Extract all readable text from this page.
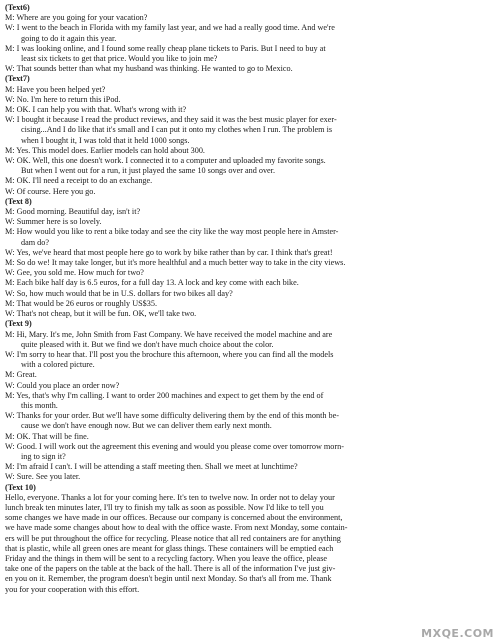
(Text6)
M: Where are you going for your vacation?
W: I went to the beach in Florida with my family last year, and we had a really good time. And we're
going to do it again this year.
M: I was looking online, and I found some really cheap plane tickets to Paris. But I need to buy at
least six tickets to get that price. Would you like to join me?
W: That sounds better than what my husband was thinking. He wanted to go to Mexico.
(Text7)
M: Have you been helped yet?
W: No. I'm here to return this iPod.
M: OK. I can help you with that. What's wrong with it?
W: I bought it because I read the product reviews, and they said it was the best music player for exer-
cising...And I do like that it's small and I can put it onto my clothes when I run. The problem is
when I bought it, I was told that it held 1000 songs.
M: Yes. This model does. Earlier models can hold about 300.
W: OK. Well, this one doesn't work. I connected it to a computer and uploaded my favorite songs.
But when I went out for a run, it just played the same 10 songs over and over.
M: OK. I'll need a receipt to do an exchange.
W: Of course. Here you go.
(Text 8)
M: Good morning. Beautiful day, isn't it?
W: Summer here is so lovely.
M: How would you like to rent a bike today and see the city like the way most people here in Amster-
dam do?
W: Yes, we've heard that most people here go to work by bike rather than by car. I think that's great!
M: So do we! It may take longer, but it's more healthful and a much better way to take in the city views.
W: Gee, you sold me. How much for two?
M: Each bike half day is 6.5 euros, for a full day 13. A lock and key come with each bike.
W: So, how much would that be in U.S. dollars for two bikes all day?
M: That would be 26 euros or roughly US$35.
W: That's not cheap, but it will be fun. OK, we'll take two.
(Text 9)
M: Hi, Mary. It's me, John Smith from Fast Company. We have received the model machine and are
quite pleased with it. But we find we don't have much choice about the color.
W: I'm sorry to hear that. I'll post you the brochure this afternoon, where you can find all the models
with a colored picture.
M: Great.
W: Could you place an order now?
M: Yes, that's why I'm calling. I want to order 200 machines and expect to get them by the end of
this month.
W: Thanks for your order. But we'll have some difficulty delivering them by the end of this month be-
cause we don't have enough now. But we can deliver them early next month.
M: OK. That will be fine.
W: Good. I will work out the agreement this evening and would you please come over tomorrow morn-
ing to sign it?
M: I'm afraid I can't. I will be attending a staff meeting then. Shall we meet at lunchtime?
W: Sure. See you later.
(Text 10)
Hello, everyone. Thanks a lot for your coming here. It's ten to twelve now. In order not to delay your
lunch break ten minutes later, I'll try to finish my talk as soon as possible. Now I'd like to tell you
some changes we have made in our offices. Because our company is concerned about the environment,
we have made some changes about how to deal with the office waste. From next Monday, some contain-
ers will be put throughout the office for recycling. Please notice that all red containers are for anything
that is plastic, while all green ones are meant for glass things. These containers will be emptied each
Friday and the things in them will be sent to a recycling factory. When you leave the office, please
take one of the papers on the table at the back of the hall. There is all of the information I've just giv-
en you on it. Remember, the program doesn't begin until next Monday. So that's all from me. Thank
you for your cooperation with this effort.
MXQE.COM
